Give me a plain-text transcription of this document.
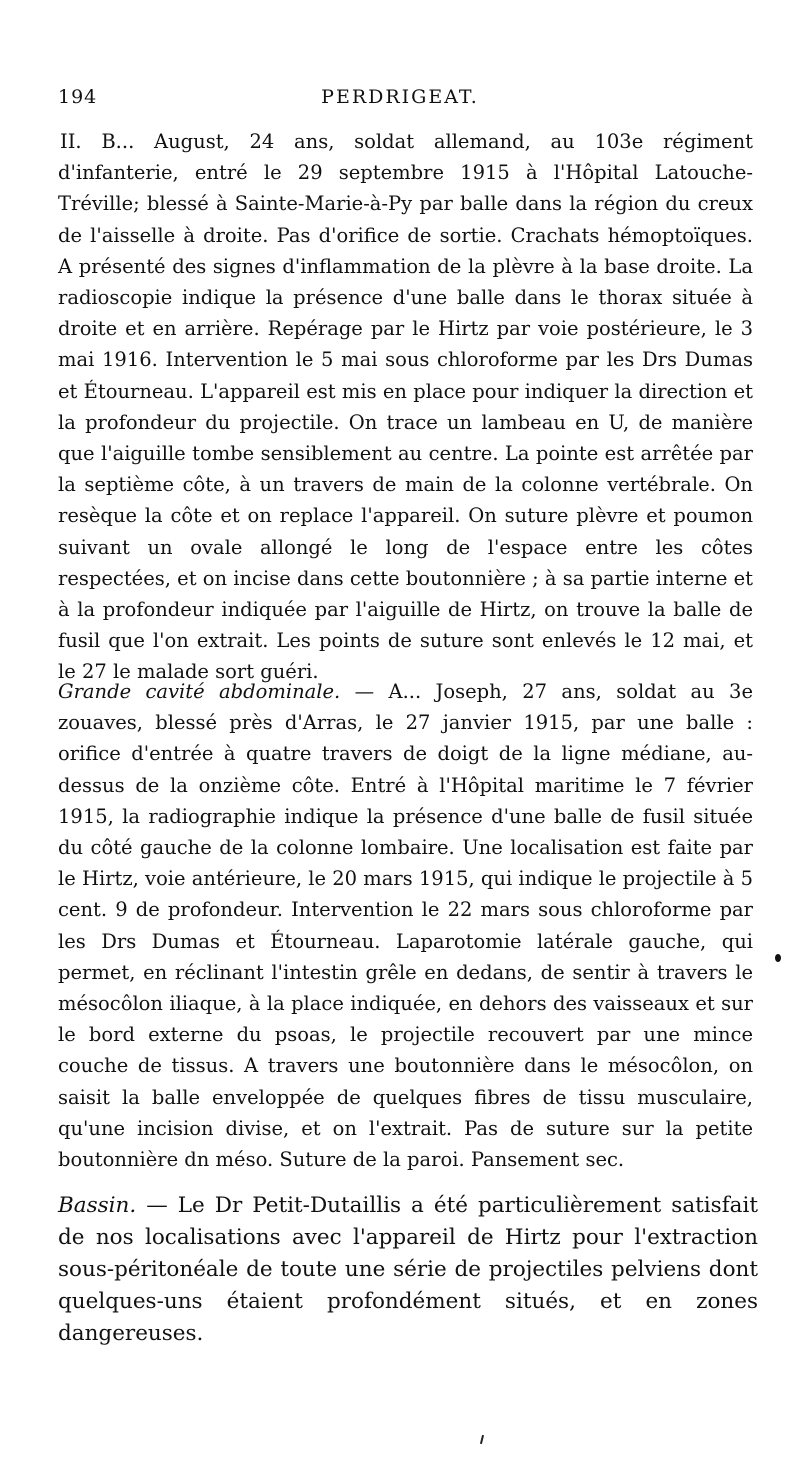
194	PERDRIGEAT.

II. B... August, 24 ans, soldat allemand, au 103e régiment d'infanterie, entré le 29 septembre 1915 à l'Hôpital Latouche-Tréville; blessé à Sainte-Marie-à-Py par balle dans la région du creux de l'aisselle à droite. Pas d'orifice de sortie. Crachats hémoptoïques. A présenté des signes d'inflammation de la plèvre à la base droite. La radioscopie indique la présence d'une balle dans le thorax située à droite et en arrière. Repérage par le Hirtz par voie postérieure, le 3 mai 1916. Intervention le 5 mai sous chloroforme par les Drs Dumas et Étourneau. L'appareil est mis en place pour indiquer la direction et la profondeur du projectile. On trace un lambeau en U, de manière que l'aiguille tombe sensiblement au centre. La pointe est arrêtée par la septième côte, à un travers de main de la colonne vertébrale. On resèque la côte et on replace l'appareil. On suture plèvre et poumon suivant un ovale allongé le long de l'espace entre les côtes respectées, et on incise dans cette boutonnière ; à sa partie interne et à la profondeur indiquée par l'aiguille de Hirtz, on trouve la balle de fusil que l'on extrait. Les points de suture sont enlevés le 12 mai, et le 27 le malade sort guéri.

Grande cavité abdominale. — A... Joseph, 27 ans, soldat au 3e zouaves, blessé près d'Arras, le 27 janvier 1915, par une balle : orifice d'entrée à quatre travers de doigt de la ligne médiane, au-dessus de la onzième côte. Entré à l'Hôpital maritime le 7 février 1915, la radiographie indique la présence d'une balle de fusil située du côté gauche de la colonne lombaire. Une localisation est faite par le Hirtz, voie antérieure, le 20 mars 1915, qui indique le projectile à 5 cent. 9 de profondeur. Intervention le 22 mars sous chloroforme par les Drs Dumas et Étourneau. Laparotomie latérale gauche, qui permet, en réclinant l'intestin grêle en dedans, de sentir à travers le mésocôlon iliaque, à la place indiquée, en dehors des vaisseaux et sur le bord externe du psoas, le projectile recouvert par une mince couche de tissus. A travers une boutonnière dans le mésocôlon, on saisit la balle enveloppée de quelques fibres de tissu musculaire, qu'une incision divise, et on l'extrait. Pas de suture sur la petite boutonnière dn méso. Suture de la paroi. Pansement sec.

Bassin. — Le Dr Petit-Dutaillis a été particulièrement satisfait de nos localisations avec l'appareil de Hirtz pour l'extraction sous-péritonéale de toute une série de projectiles pelviens dont quelques-uns étaient profondément situés, et en zones dangereuses.
